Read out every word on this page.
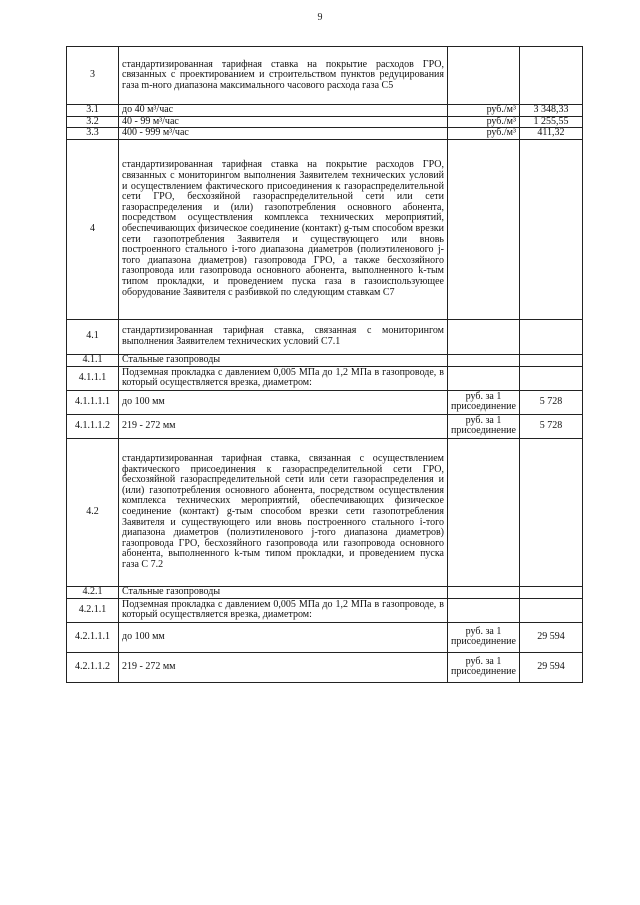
9
3	стандартизированная тарифная ставка на покрытие расходов ГРО, связанных с проектированием и строительством пунктов редуцирования газа m-ного диапазона максимального часового расхода газа С5		
3.1	до 40 м³/час	руб./м³	3 348,33
3.2	40 - 99 м³/час	руб./м³	1 255,55
3.3	400 - 999 м³/час	руб./м³	411,32
4	стандартизированная тарифная ставка на покрытие расходов ГРО, связанных с мониторингом выполнения Заявителем технических условий и осуществлением фактического присоединения к газораспределительной сети ГРО, бесхозяйной газораспределительной сети или сети газораспределения и (или) газопотребления основного абонента, посредством осуществления комплекса технических мероприятий, обеспечивающих физическое соединение (контакт) g-тым способом врезки сети газопотребления Заявителя и существующего или вновь построенного стального i-того диапазона диаметров (полиэтиленового j-того диапазона диаметров) газопровода ГРО, а также бесхозяйного газопровода или газопровода основного абонента, выполненного k-тым типом прокладки, и проведением пуска газа в газоиспользующее оборудование Заявителя с разбивкой по следующим ставкам С7		
4.1	стандартизированная тарифная ставка, связанная с мониторингом выполнения Заявителем технических условий С7.1		
4.1.1	Стальные газопроводы		
4.1.1.1	Подземная прокладка с давлением 0,005 МПа до 1,2 МПа в газопроводе, в который осуществляется врезка, диаметром:		
4.1.1.1.1	до 100 мм	руб. за 1 присоединение	5 728
4.1.1.1.2	219 - 272 мм	руб. за 1 присоединение	5 728
4.2	стандартизированная тарифная ставка, связанная с осуществлением фактического присоединения к газораспределительной сети ГРО, бесхозяйной газораспределительной сети или сети газораспределения и (или) газопотребления основного абонента, посредством осуществления комплекса технических мероприятий, обеспечивающих физическое соединение (контакт) g-тым способом врезки сети газопотребления Заявителя и существующего или вновь построенного стального i-того диапазона диаметров (полиэтиленового j-того диапазона диаметров) газопровода ГРО, бесхозяйного газопровода или газопровода основного абонента, выполненного k-тым типом прокладки, и проведением пуска газа С 7.2		
4.2.1	Стальные газопроводы		
4.2.1.1	Подземная прокладка с давлением 0,005 МПа до 1,2 МПа в газопроводе, в который осуществляется врезка, диаметром:		
4.2.1.1.1	до 100 мм	руб. за 1 присоединение	29 594
4.2.1.1.2	219 - 272 мм	руб. за 1 присоединение	29 594
